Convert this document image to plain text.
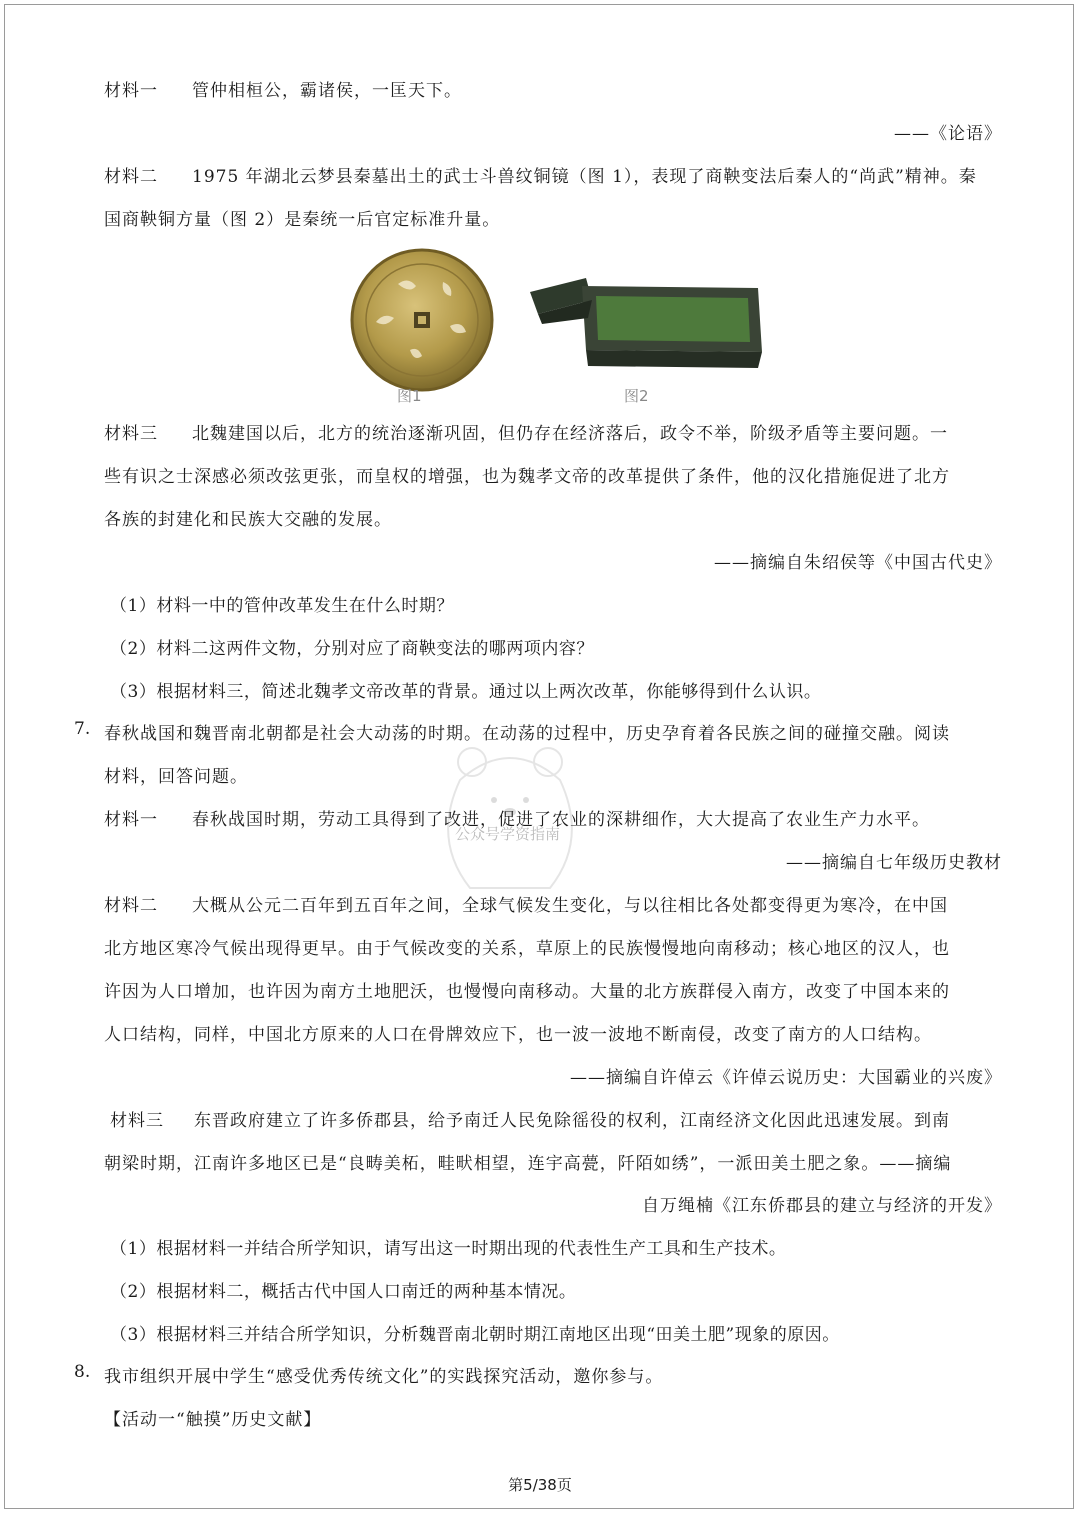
材料一 管仲相桓公，霸诸侯，一匡天下。
——《论语》
材料二 1975 年湖北云梦县秦墓出土的武士斗兽纹铜镜（图 1），表现了商鞅变法后秦人的“尚武”精神。秦
国商鞅铜方量（图 2）是秦统一后官定标准升量。
图1	图2
材料三 北魏建国以后，北方的统治逐渐巩固，但仍存在经济落后，政令不举，阶级矛盾等主要问题。一
些有识之士深感必须改弦更张，而皇权的增强，也为魏孝文帝的改革提供了条件，他的汉化措施促进了北方
各族的封建化和民族大交融的发展。
——摘编自朱绍侯等《中国古代史》
（1）材料一中的管仲改革发生在什么时期？
（2）材料二这两件文物，分别对应了商鞅变法的哪两项内容？
（3）根据材料三，简述北魏孝文帝改革的背景。通过以上两次改革，你能够得到什么认识。
7. 春秋战国和魏晋南北朝都是社会大动荡的时期。在动荡的过程中，历史孕育着各民族之间的碰撞交融。阅读
材料，回答问题。
公众号学资指南
材料一 春秋战国时期，劳动工具得到了改进，促进了农业的深耕细作，大大提高了农业生产力水平。
——摘编自七年级历史教材
材料二 大概从公元二百年到五百年之间，全球气候发生变化，与以往相比各处都变得更为寒冷，在中国
北方地区寒冷气候出现得更早。由于气候改变的关系，草原上的民族慢慢地向南移动；核心地区的汉人，也
许因为人口增加，也许因为南方土地肥沃，也慢慢向南移动。大量的北方族群侵入南方，改变了中国本来的
人口结构，同样，中国北方原来的人口在骨牌效应下，也一波一波地不断南侵，改变了南方的人口结构。
——摘编自许倬云《许倬云说历史：大国霸业的兴废》
材料三 东晋政府建立了许多侨郡县，给予南迁人民免除徭役的权利，江南经济文化因此迅速发展。到南
朝梁时期，江南许多地区已是“良畴美柘，畦畎相望，连宇高甍，阡陌如绣”，一派田美土肥之象。——摘编
自万绳楠《江东侨郡县的建立与经济的开发》
（1）根据材料一并结合所学知识，请写出这一时期出现的代表性生产工具和生产技术。
（2）根据材料二，概括古代中国人口南迁的两种基本情况。
（3）根据材料三并结合所学知识，分析魏晋南北朝时期江南地区出现“田美土肥”现象的原因。
8. 我市组织开展中学生“感受优秀传统文化”的实践探究活动，邀你参与。
【活动一“触摸”历史文献】
第5/38页
